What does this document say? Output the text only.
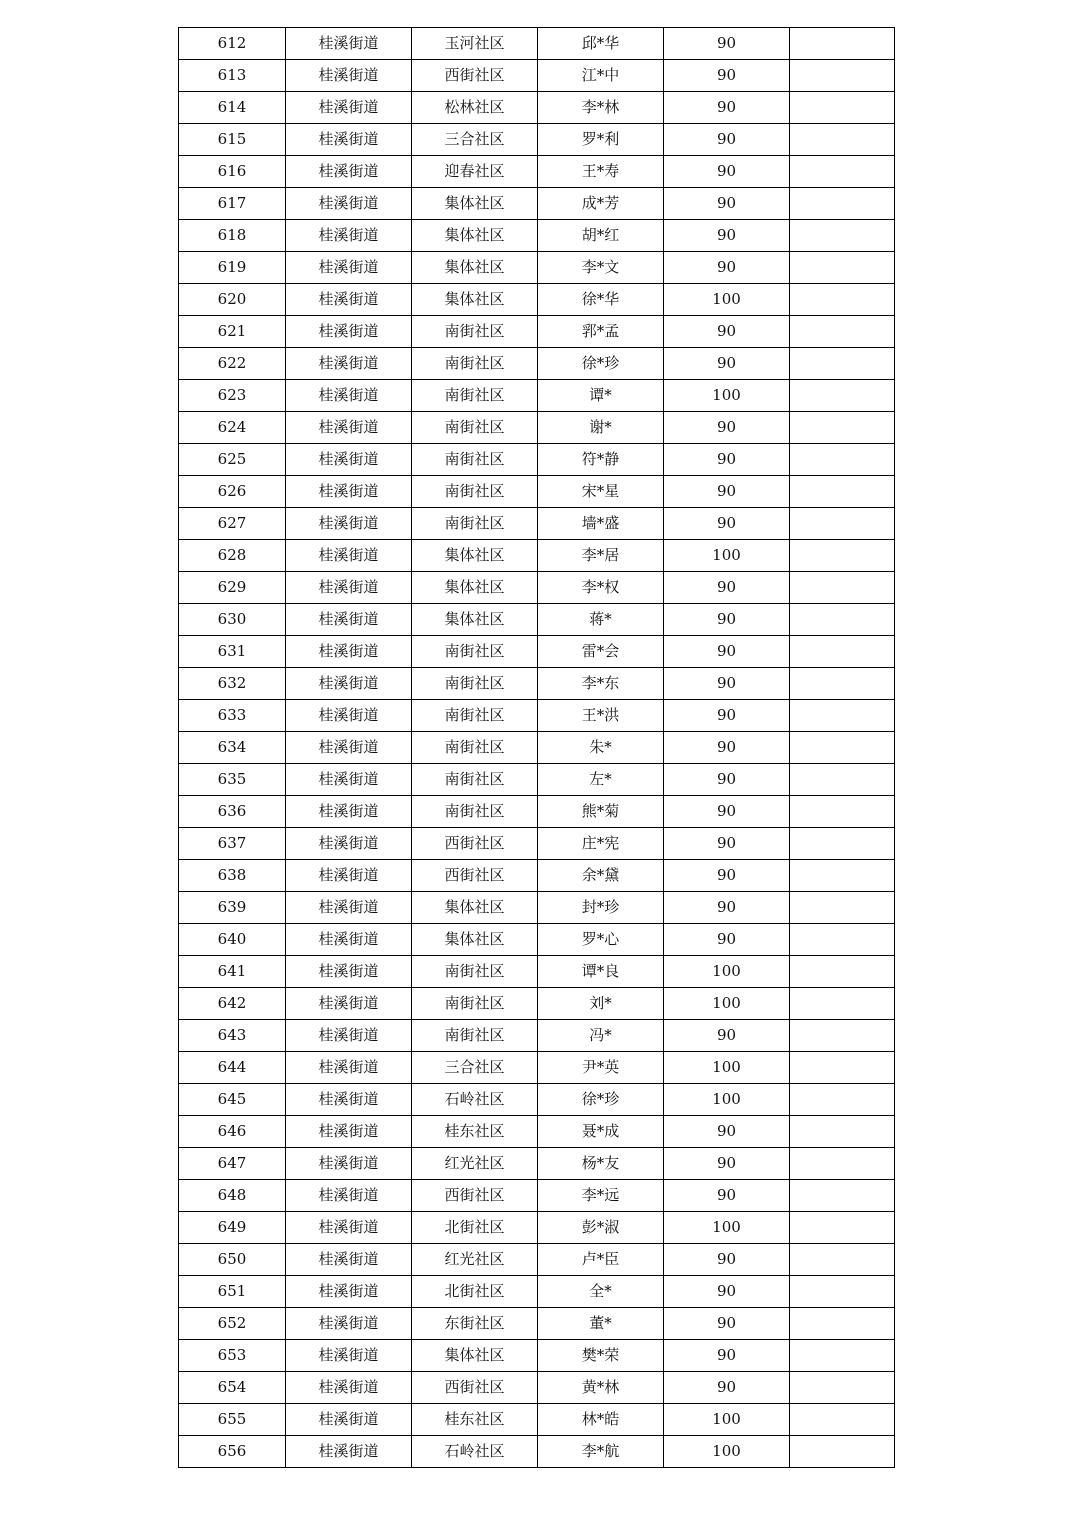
612	桂溪街道	玉河社区	邱*华	90	
613	桂溪街道	西街社区	江*中	90	
614	桂溪街道	松林社区	李*林	90	
615	桂溪街道	三合社区	罗*利	90	
616	桂溪街道	迎春社区	王*寿	90	
617	桂溪街道	集体社区	成*芳	90	
618	桂溪街道	集体社区	胡*红	90	
619	桂溪街道	集体社区	李*文	90	
620	桂溪街道	集体社区	徐*华	100	
621	桂溪街道	南街社区	郛*孟	90	
622	桂溪街道	南街社区	徐*珍	90	
623	桂溪街道	南街社区	谭*	100	
624	桂溪街道	南街社区	谢*	90	
625	桂溪街道	南街社区	符*静	90	
626	桂溪街道	南街社区	宋*星	90	
627	桂溪街道	南街社区	墙*盛	90	
628	桂溪街道	集体社区	李*居	100	
629	桂溪街道	集体社区	李*权	90	
630	桂溪街道	集体社区	蒋*	90	
631	桂溪街道	南街社区	雷*会	90	
632	桂溪街道	南街社区	李*东	90	
633	桂溪街道	南街社区	王*洪	90	
634	桂溪街道	南街社区	朱*	90	
635	桂溪街道	南街社区	左*	90	
636	桂溪街道	南街社区	熊*菊	90	
637	桂溪街道	西街社区	庄*宪	90	
638	桂溪街道	西街社区	余*黛	90	
639	桂溪街道	集体社区	封*珍	90	
640	桂溪街道	集体社区	罗*心	90	
641	桂溪街道	南街社区	谭*良	100	
642	桂溪街道	南街社区	刘*	100	
643	桂溪街道	南街社区	冯*	90	
644	桂溪街道	三合社区	尹*英	100	
645	桂溪街道	石岭社区	徐*珍	100	
646	桂溪街道	桂东社区	聂*成	90	
647	桂溪街道	红光社区	杨*友	90	
648	桂溪街道	西街社区	李*远	90	
649	桂溪街道	北街社区	彭*淑	100	
650	桂溪街道	红光社区	卢*臣	90	
651	桂溪街道	北街社区	全*	90	
652	桂溪街道	东街社区	董*	90	
653	桂溪街道	集体社区	樊*荣	90	
654	桂溪街道	西街社区	黄*林	90	
655	桂溪街道	桂东社区	林*皓	100	
656	桂溪街道	石岭社区	李*航	100	
